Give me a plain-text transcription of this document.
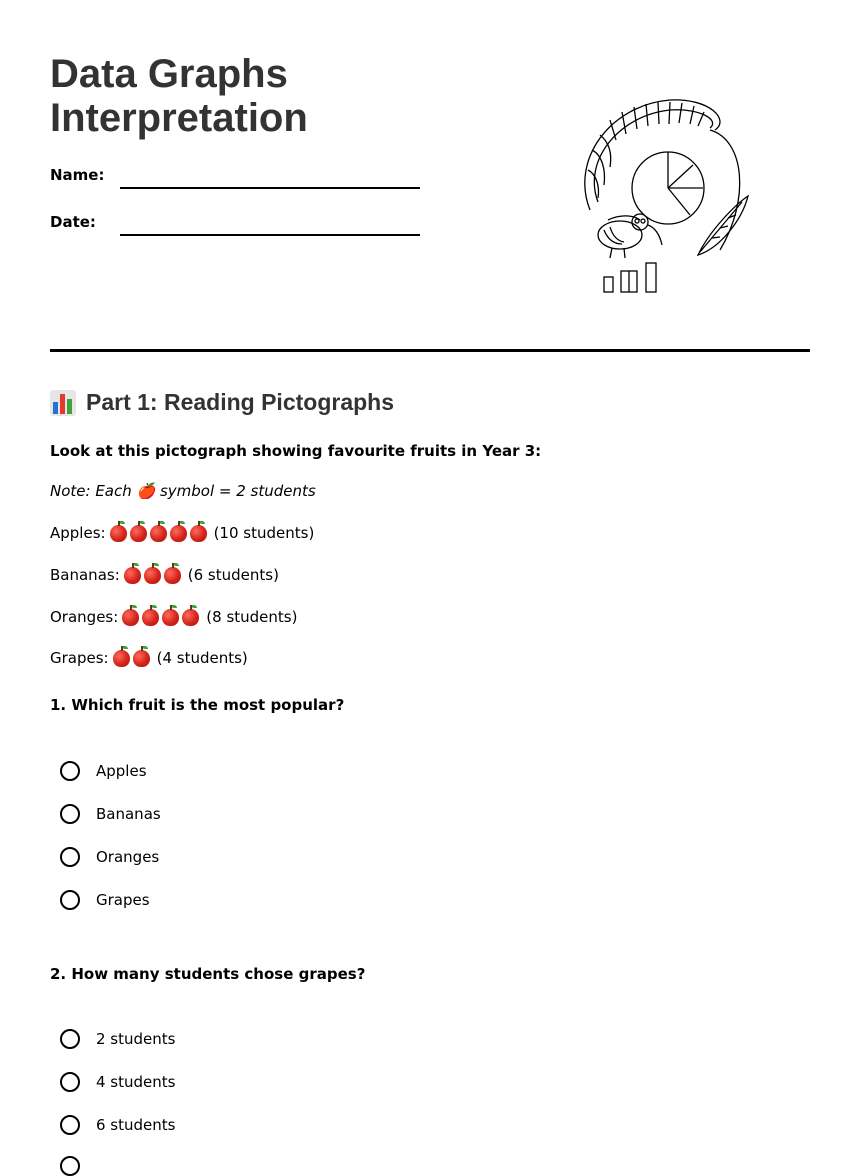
Data Graphs
Interpretation
Name:
Date:
Part 1: Reading Pictographs
Look at this pictograph showing favourite fruits in Year 3:
Note: Each 🍎 symbol = 2 students
Apples:	(10 students)
Bananas:	(6 students)
Oranges:	(8 students)
Grapes:	(4 students)
1. Which fruit is the most popular?
Apples
Bananas
Oranges
Grapes
2. How many students chose grapes?
2 students
4 students
6 students
